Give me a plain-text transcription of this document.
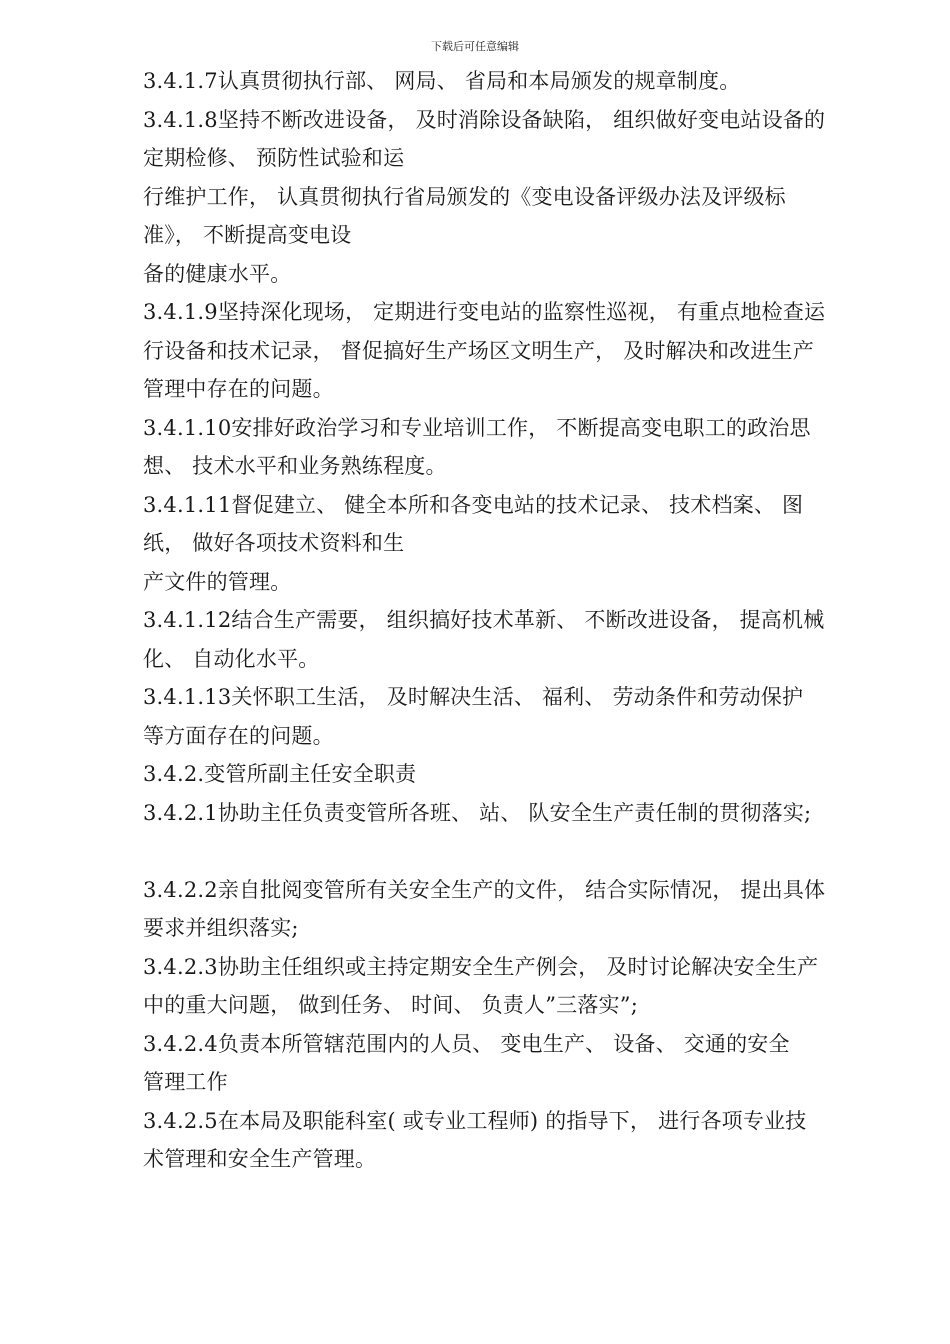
下载后可任意编辑
3.4.1.7认真贯彻执行部、 网局、 省局和本局颁发的规章制度。
3.4.1.8坚持不断改进设备， 及时消除设备缺陷， 组织做好变电站设备的
定期检修、 预防性试验和运
行维护工作， 认真贯彻执行省局颁发的《变电设备评级办法及评级标
准》， 不断提高变电设
备的健康水平。
3.4.1.9坚持深化现场， 定期进行变电站的监察性巡视， 有重点地检查运
行设备和技术记录， 督促搞好生产场区文明生产， 及时解决和改进生产
管理中存在的问题。
3.4.1.10安排好政治学习和专业培训工作， 不断提高变电职工的政治思
想、 技术水平和业务熟练程度。
3.4.1.11督促建立、 健全本所和各变电站的技术记录、 技术档案、 图
纸， 做好各项技术资料和生
产文件的管理。
3.4.1.12结合生产需要， 组织搞好技术革新、 不断改进设备， 提高机械
化、 自动化水平。
3.4.1.13关怀职工生活， 及时解决生活、 福利、 劳动条件和劳动保护
等方面存在的问题。
3.4.2.变管所副主任安全职责
3.4.2.1协助主任负责变管所各班、 站、 队安全生产责任制的贯彻落实;
3.4.2.2亲自批阅变管所有关安全生产的文件， 结合实际情况， 提出具体
要求并组织落实;
3.4.2.3协助主任组织或主持定期安全生产例会， 及时讨论解决安全生产
中的重大问题， 做到任务、 时间、 负责人”三落实”;
3.4.2.4负责本所管辖范围内的人员、 变电生产、 设备、 交通的安全
管理工作
3.4.2.5在本局及职能科室( 或专业工程师) 的指导下， 进行各项专业技
术管理和安全生产管理。
